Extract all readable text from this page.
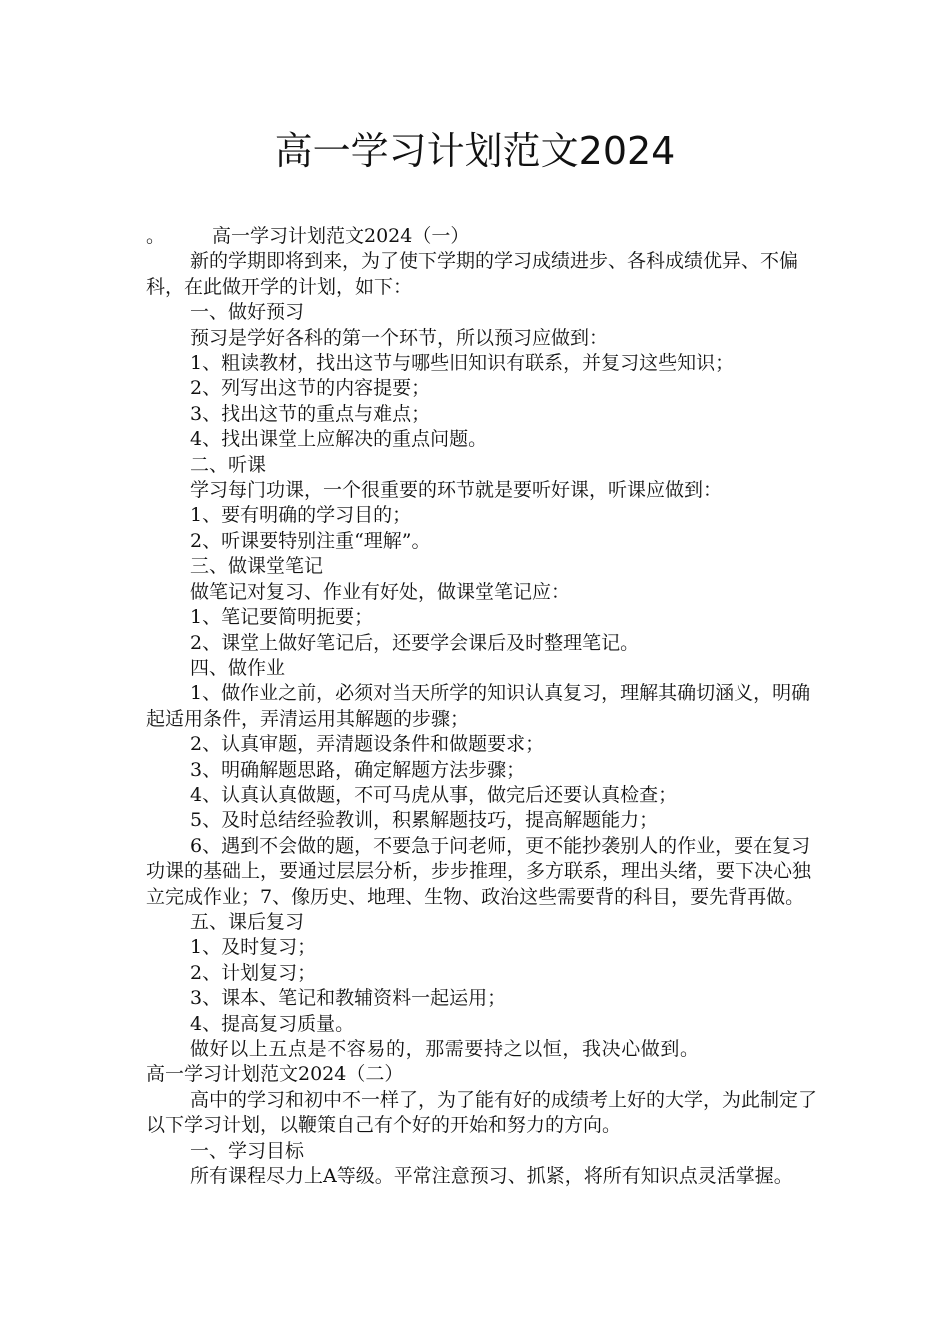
高一学习计划范文2024

。 高一学习计划范文2024（一）

新的学期即将到来，为了使下学期的学习成绩进步、各科成绩优异、不偏科，在此做开学的计划，如下：

一、做好预习

预习是学好各科的第一个环节，所以预习应做到：

1、粗读教材，找出这节与哪些旧知识有联系，并复习这些知识；

2、列写出这节的内容提要；

3、找出这节的重点与难点；

4、找出课堂上应解决的重点问题。

二、听课

学习每门功课，一个很重要的环节就是要听好课，听课应做到：

1、要有明确的学习目的；

2、听课要特别注重“理解”。

三、做课堂笔记

做笔记对复习、作业有好处，做课堂笔记应：

1、笔记要简明扼要；

2、课堂上做好笔记后，还要学会课后及时整理笔记。

四、做作业

1、做作业之前，必须对当天所学的知识认真复习，理解其确切涵义，明确起适用条件，弄清运用其解题的步骤；

2、认真审题，弄清题设条件和做题要求；

3、明确解题思路，确定解题方法步骤；

4、认真认真做题，不可马虎从事，做完后还要认真检查；

5、及时总结经验教训，积累解题技巧，提高解题能力；

6、遇到不会做的题，不要急于问老师，更不能抄袭别人的作业，要在复习功课的基础上，要通过层层分析，步步推理，多方联系，理出头绪，要下决心独立完成作业；7、像历史、地理、生物、政治这些需要背的科目，要先背再做。

五、课后复习

1、及时复习；

2、计划复习；

3、课本、笔记和教辅资料一起运用；

4、提高复习质量。

做好以上五点是不容易的，那需要持之以恒，我决心做到。

高一学习计划范文2024（二）

高中的学习和初中不一样了，为了能有好的成绩考上好的大学，为此制定了以下学习计划，以鞭策自己有个好的开始和努力的方向。

一、学习目标

所有课程尽力上A等级。平常注意预习、抓紧，将所有知识点灵活掌握。
